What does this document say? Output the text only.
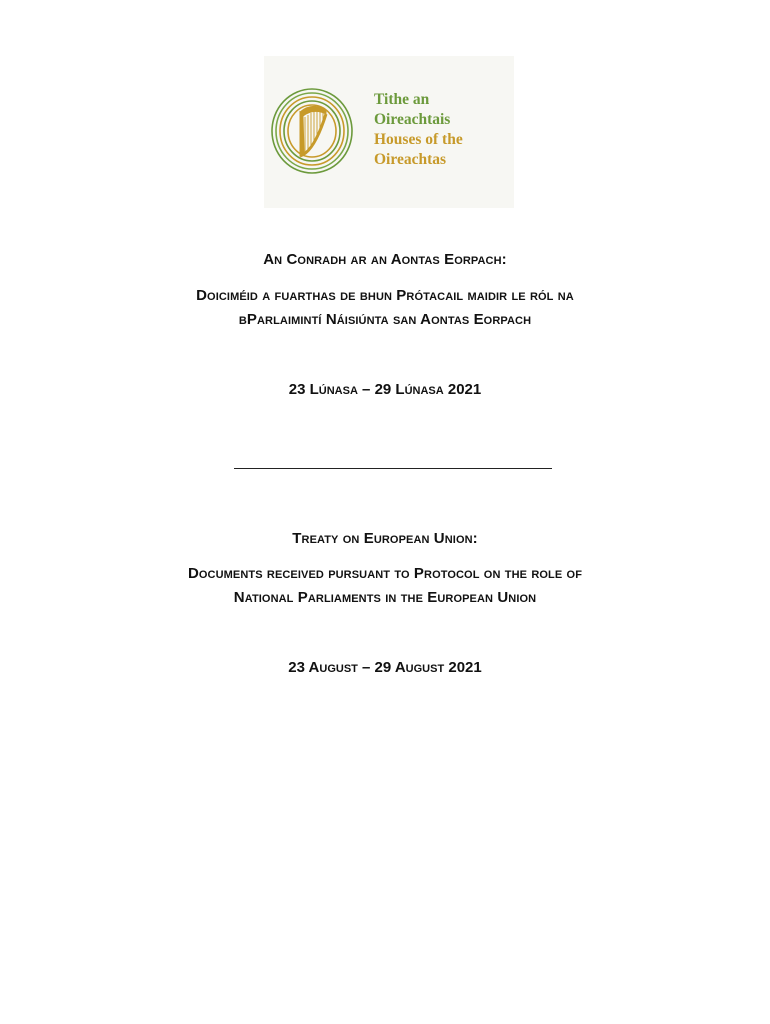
Tithe an
Oireachtais
Houses of the
Oireachtas
An Conradh ar an Aontas Eorpach:
Doiciméid a fuarthas de bhun Prótacail maidir le ról na
bParlaimintí Náisiúnta san Aontas Eorpach
23 Lúnasa – 29 Lúnasa 2021
Treaty on European Union:
Documents received pursuant to Protocol on the role of
National Parliaments in the European Union
23 August – 29 August 2021
